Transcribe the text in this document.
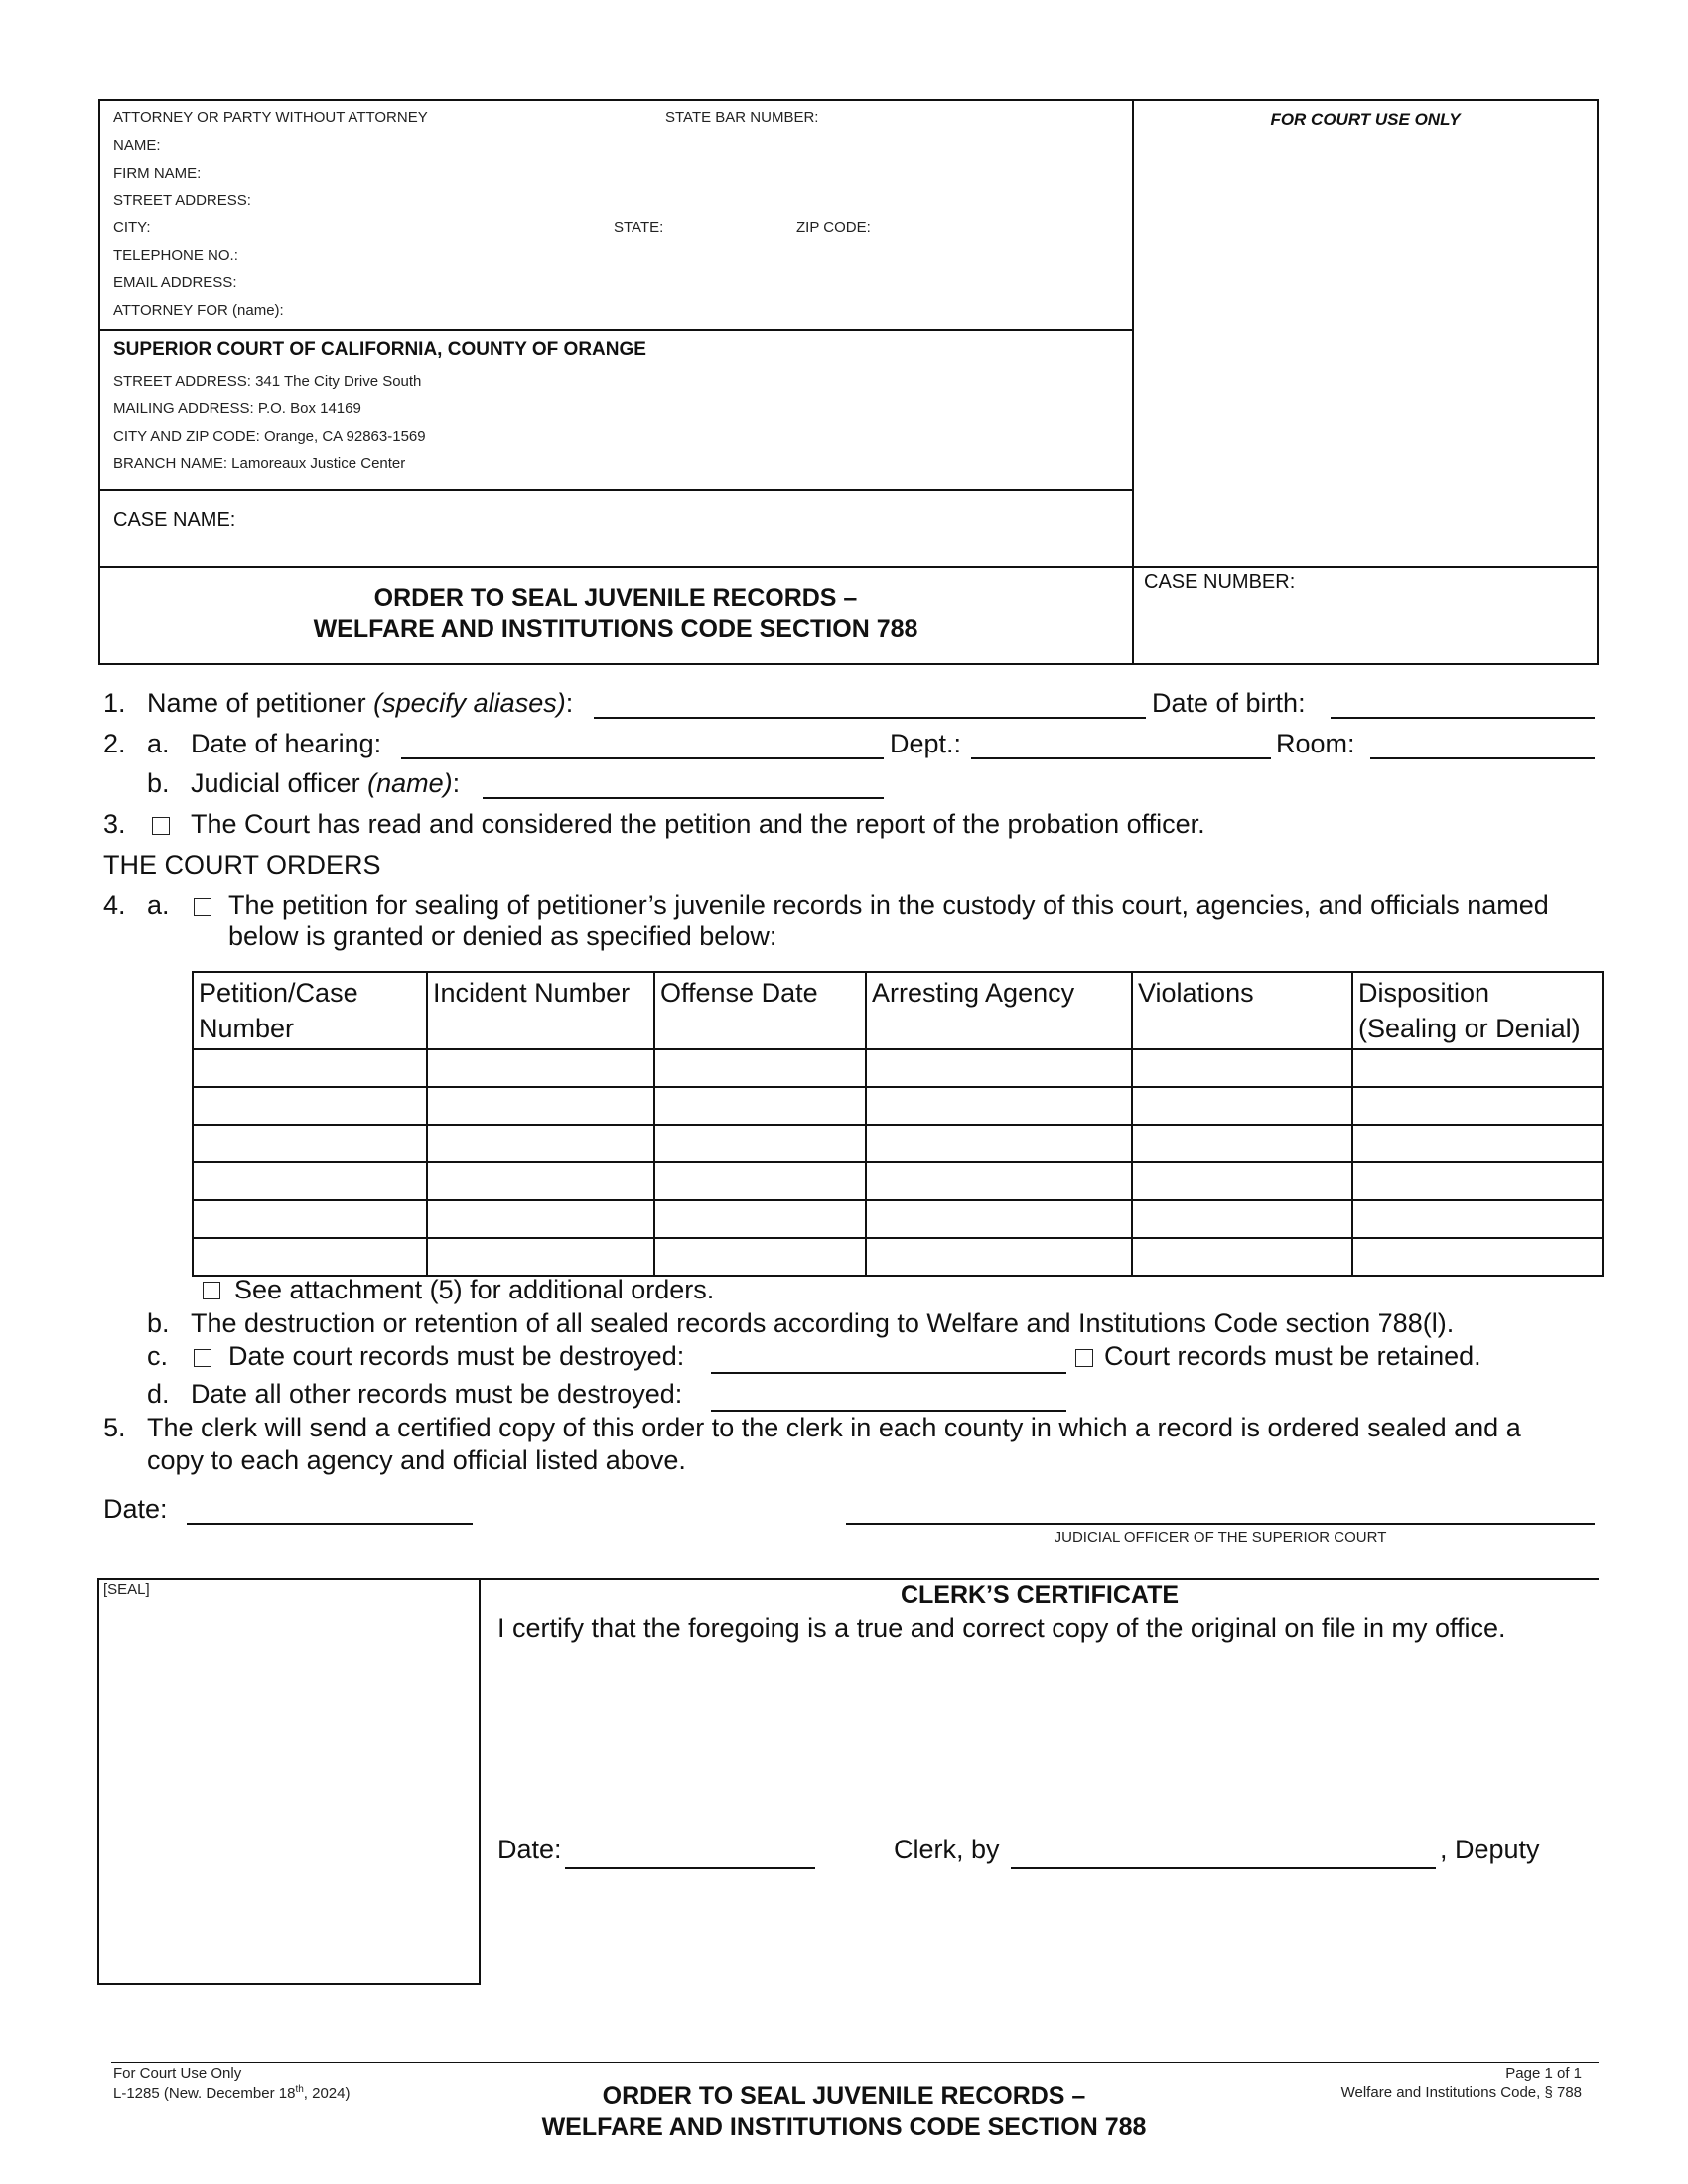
ATTORNEY OR PARTY WITHOUT ATTORNEY	STATE BAR NUMBER:
NAME:
FIRM NAME:
STREET ADDRESS:
CITY:	STATE:	ZIP CODE:
TELEPHONE NO.:
EMAIL ADDRESS:
ATTORNEY FOR (name):
FOR COURT USE ONLY
SUPERIOR COURT OF CALIFORNIA, COUNTY OF ORANGE
STREET ADDRESS: 341 The City Drive South
MAILING ADDRESS: P.O. Box 14169
CITY AND ZIP CODE: Orange, CA 92863-1569
BRANCH NAME: Lamoreaux Justice Center
CASE NAME:
CASE NUMBER:
ORDER TO SEAL JUVENILE RECORDS –
WELFARE AND INSTITUTIONS CODE SECTION 788
1. Name of petitioner (specify aliases):	Date of birth:
2. a. Date of hearing:	Dept.:	Room:
b. Judicial officer (name):
3. The Court has read and considered the petition and the report of the probation officer.
THE COURT ORDERS
4. a. The petition for sealing of petitioner’s juvenile records in the custody of this court, agencies, and officials named
below is granted or denied as specified below:
Petition/Case
Number	Incident Number	Offense Date	Arresting Agency	Violations	Disposition
(Sealing or Denial)

See attachment (5) for additional orders.
b. The destruction or retention of all sealed records according to Welfare and Institutions Code section 788(l).
c. Date court records must be destroyed:	Court records must be retained.
d. Date all other records must be destroyed:
5. The clerk will send a certified copy of this order to the clerk in each county in which a record is ordered sealed and a
copy to each agency and official listed above.
Date:
JUDICIAL OFFICER OF THE SUPERIOR COURT
[SEAL]	CLERK’S CERTIFICATE
I certify that the foregoing is a true and correct copy of the original on file in my office.
Date:	Clerk, by	, Deputy
For Court Use Only
L-1285 (New. December 18th, 2024)
Page 1 of 1
Welfare and Institutions Code, § 788
ORDER TO SEAL JUVENILE RECORDS –
WELFARE AND INSTITUTIONS CODE SECTION 788
